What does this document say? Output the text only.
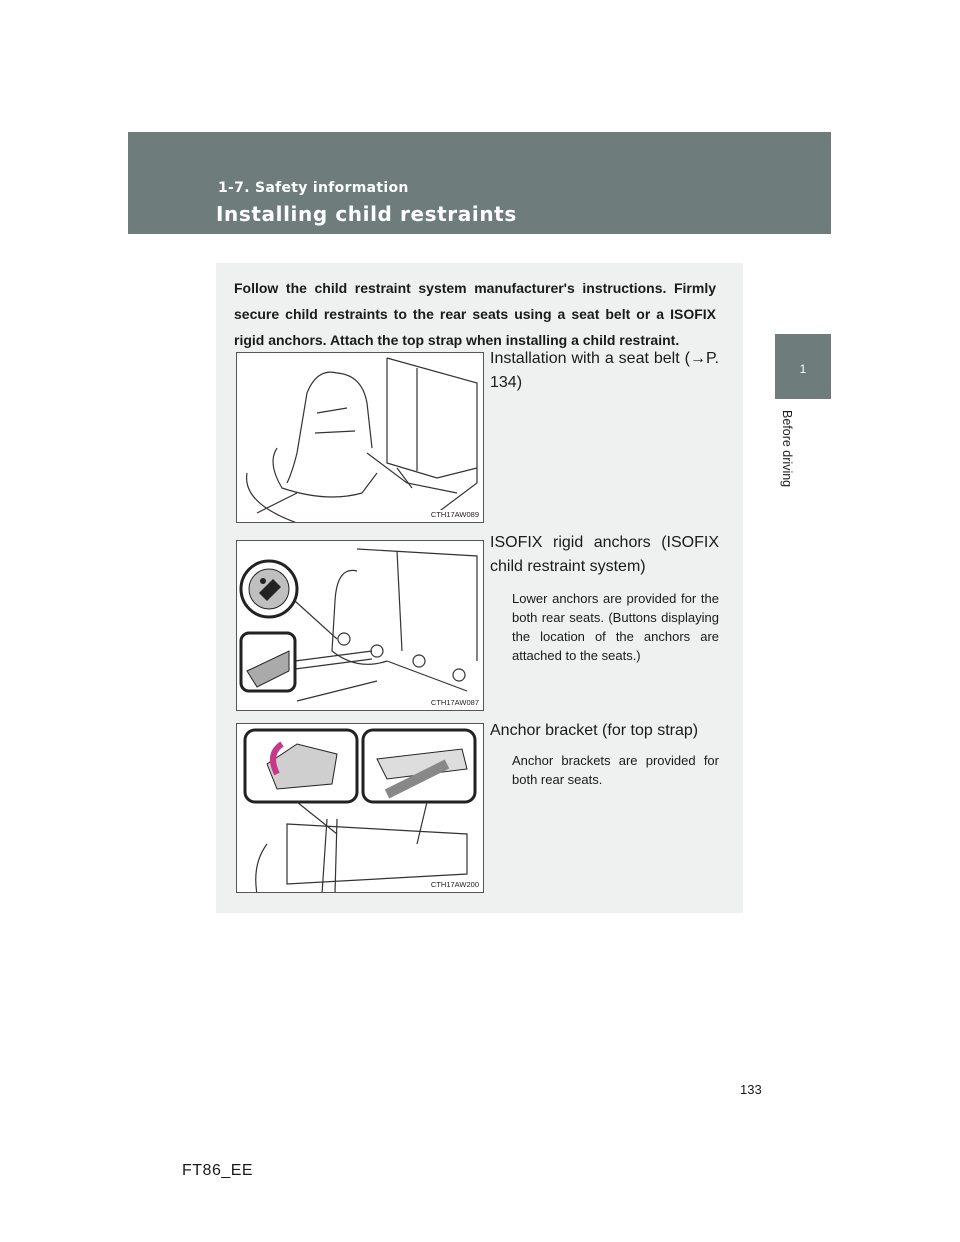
1-7. Safety information
Installing child restraints
1
Before driving
Follow the child restraint system manufacturer's instructions. Firmly secure child restraints to the rear seats using a seat belt or a ISOFIX rigid anchors. Attach the top strap when installing a child restraint.
CTH17AW089
Installation with a seat belt (→P. 134)
CTH17AW087
ISOFIX rigid anchors (ISOFIX child restraint system)
Lower anchors are provided for the both rear seats. (Buttons displaying the location of the anchors are attached to the seats.)
CTH17AW200
Anchor bracket (for top strap)
Anchor brackets are provided for both rear seats.
133
FT86_EE
